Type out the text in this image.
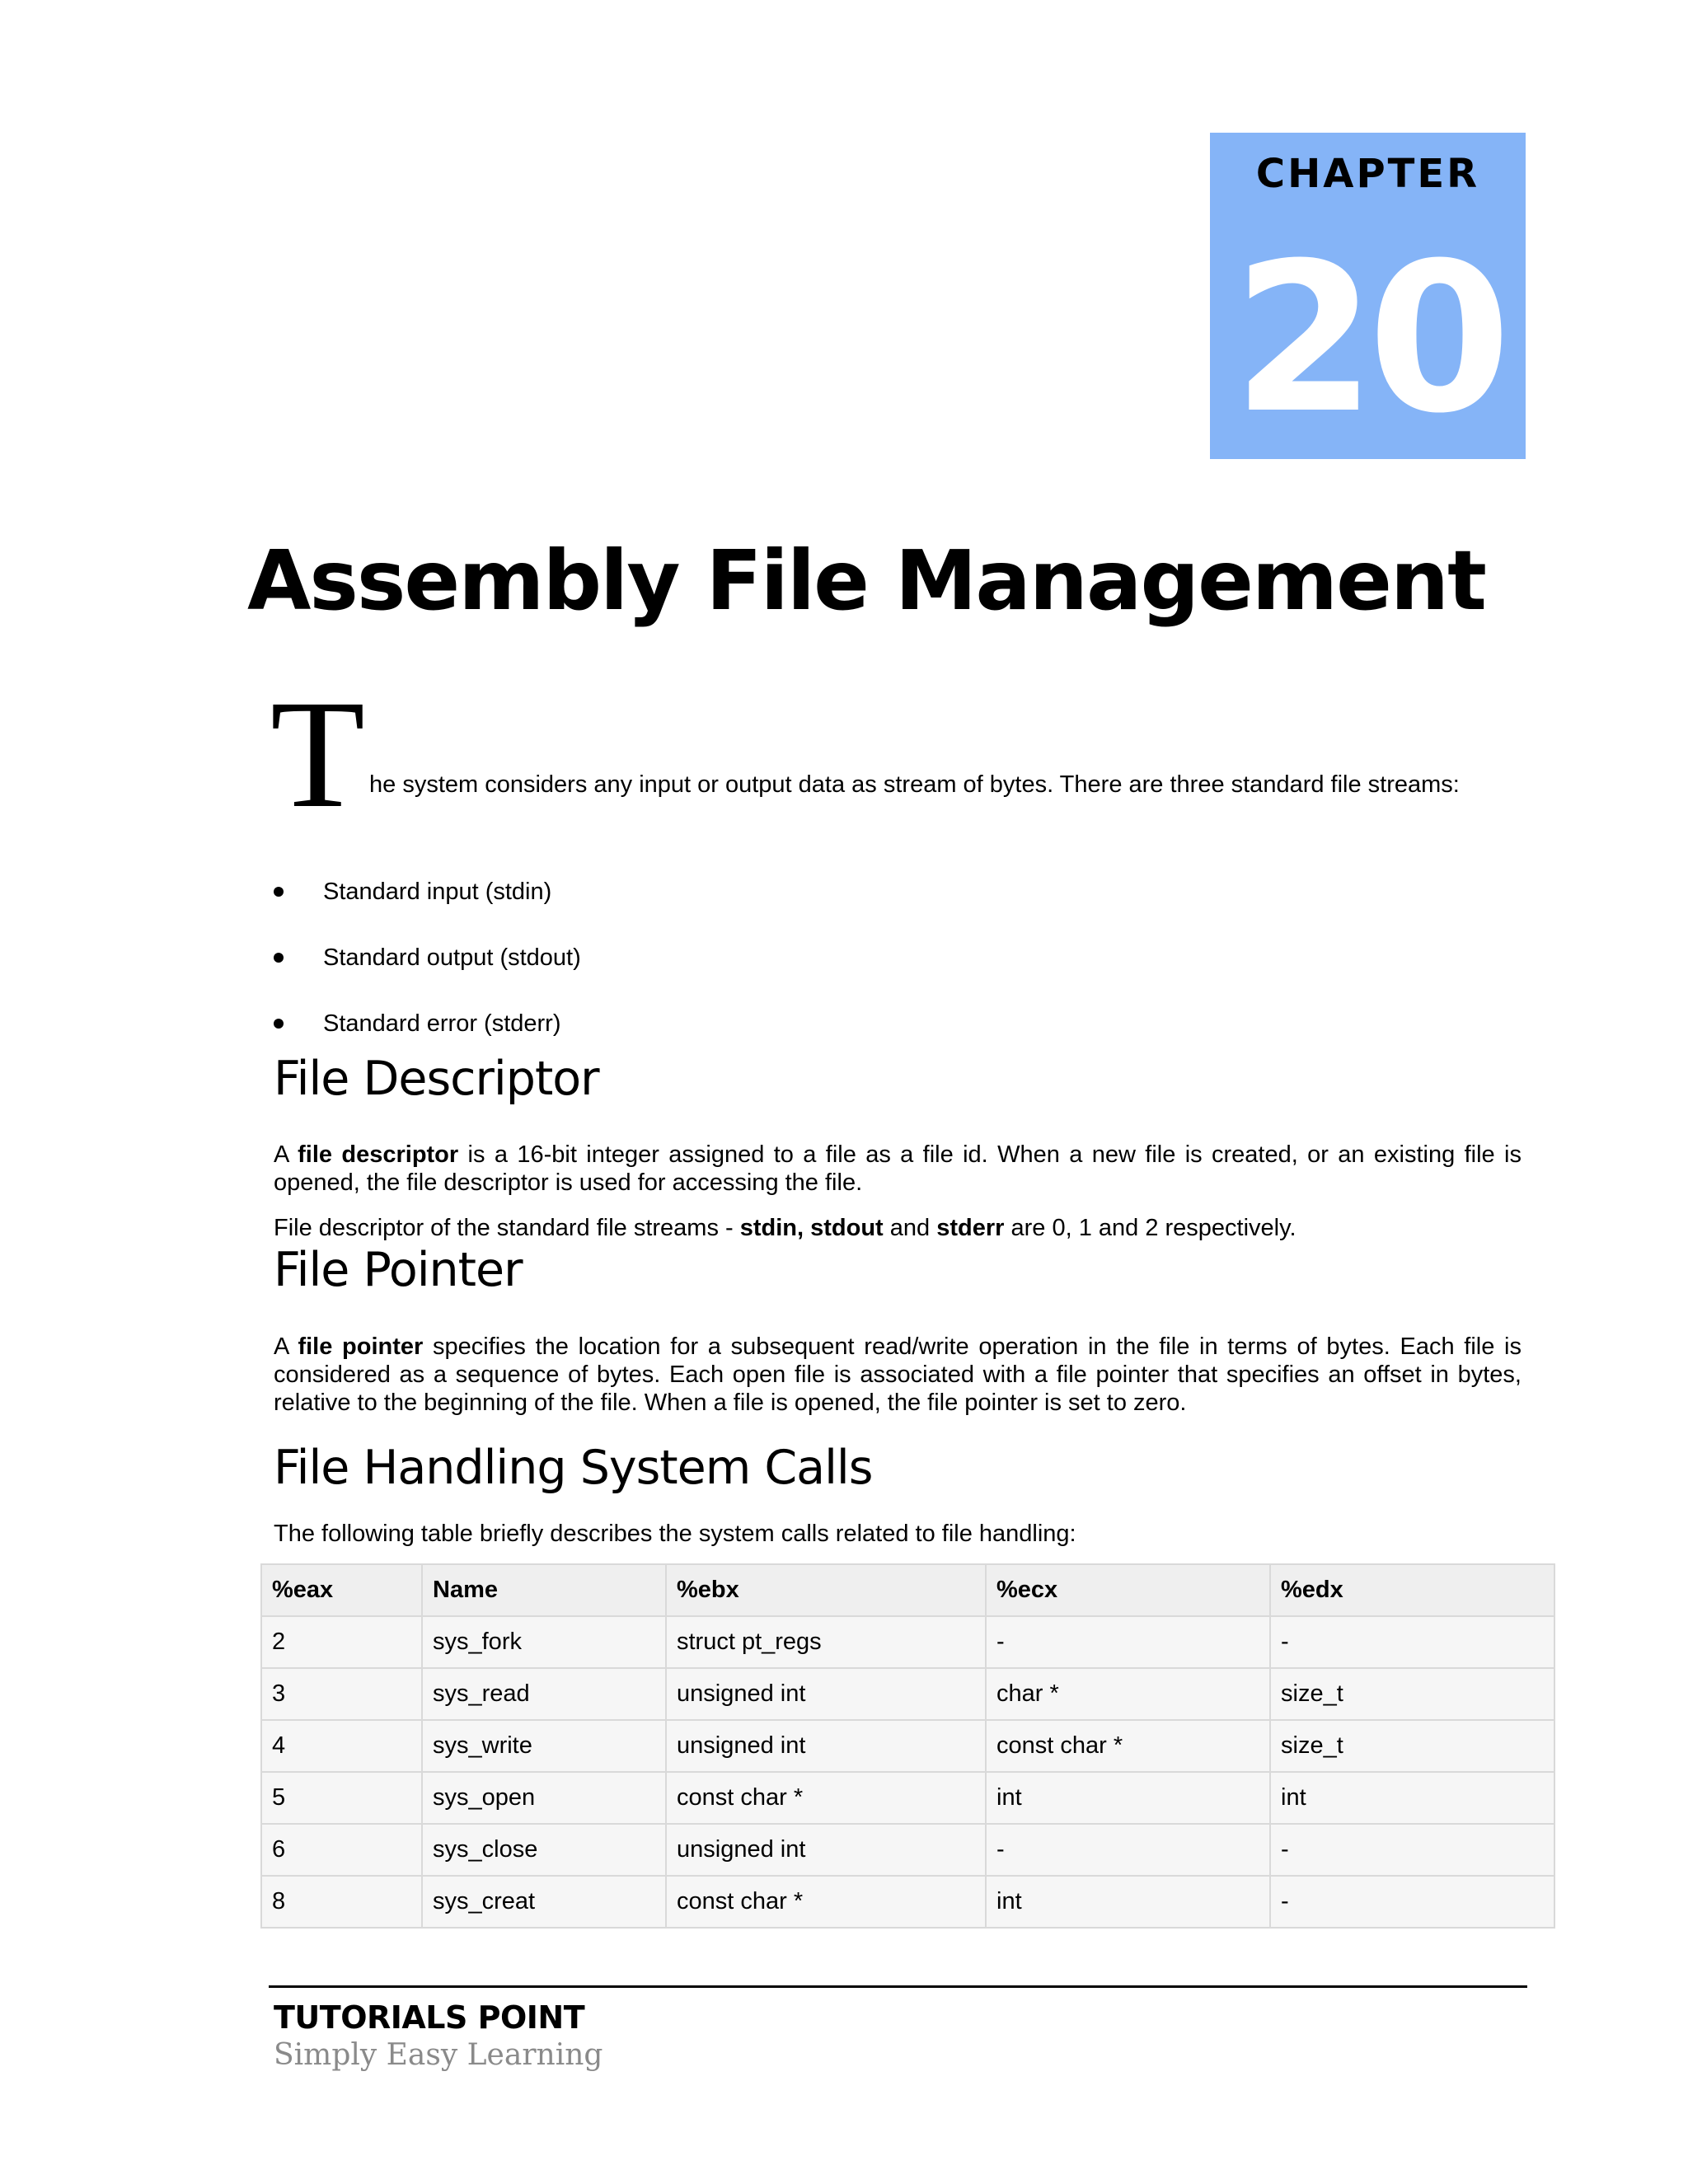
CHAPTER
20
Assembly File Management
T he system considers any input or output data as stream of bytes. There are three standard file streams:
Standard input (stdin)
Standard output (stdout)
Standard error (stderr)
File Descriptor

A file descriptor is a 16-bit integer assigned to a file as a file id. When a new file is created, or an existing file is opened, the file descriptor is used for accessing the file.

File descriptor of the standard file streams - stdin, stdout and stderr are 0, 1 and 2 respectively.

File Pointer

A file pointer specifies the location for a subsequent read/write operation in the file in terms of bytes. Each file is considered as a sequence of bytes. Each open file is associated with a file pointer that specifies an offset in bytes, relative to the beginning of the file. When a file is opened, the file pointer is set to zero.

File Handling System Calls

The following table briefly describes the system calls related to file handling:

%eax	Name	%ebx	%ecx	%edx
2	sys_fork	struct pt_regs	-	-
3	sys_read	unsigned int	char *	size_t
4	sys_write	unsigned int	const char *	size_t
5	sys_open	const char *	int	int
6	sys_close	unsigned int	-	-
8	sys_creat	const char *	int	-
TUTORIALS POINT
Simply Easy Learning
